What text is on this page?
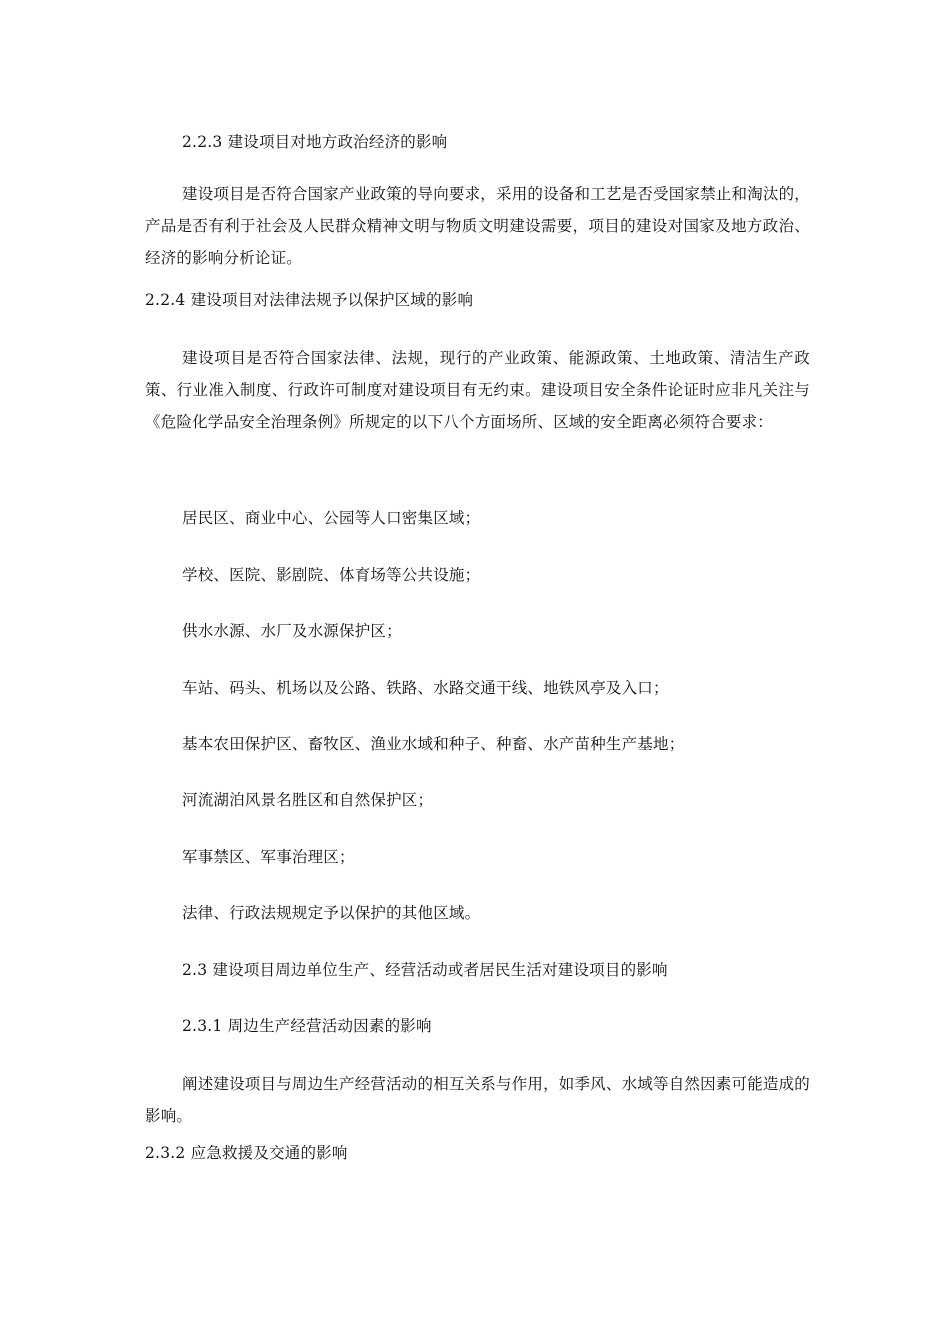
2.2.3 建设项目对地方政治经济的影响
建设项目是否符合国家产业政策的导向要求，采用的设备和工艺是否受国家禁止和淘汰的，产品是否有利于社会及人民群众精神文明与物质文明建设需要，项目的建设对国家及地方政治、经济的影响分析论证。
2.2.4 建设项目对法律法规予以保护区域的影响
建设项目是否符合国家法律、法规，现行的产业政策、能源政策、土地政策、清洁生产政策、行业准入制度、行政许可制度对建设项目有无约束。建设项目安全条件论证时应非凡关注与《危险化学品安全治理条例》所规定的以下八个方面场所、区域的安全距离必须符合要求：
居民区、商业中心、公园等人口密集区域；
学校、医院、影剧院、体育场等公共设施；
供水水源、水厂及水源保护区；
车站、码头、机场以及公路、铁路、水路交通干线、地铁风亭及入口；
基本农田保护区、畜牧区、渔业水域和种子、种畜、水产苗种生产基地；
河流湖泊风景名胜区和自然保护区；
军事禁区、军事治理区；
法律、行政法规规定予以保护的其他区域。
2.3 建设项目周边单位生产、经营活动或者居民生活对建设项目的影响
2.3.1 周边生产经营活动因素的影响
阐述建设项目与周边生产经营活动的相互关系与作用，如季风、水域等自然因素可能造成的影响。
2.3.2 应急救援及交通的影响
